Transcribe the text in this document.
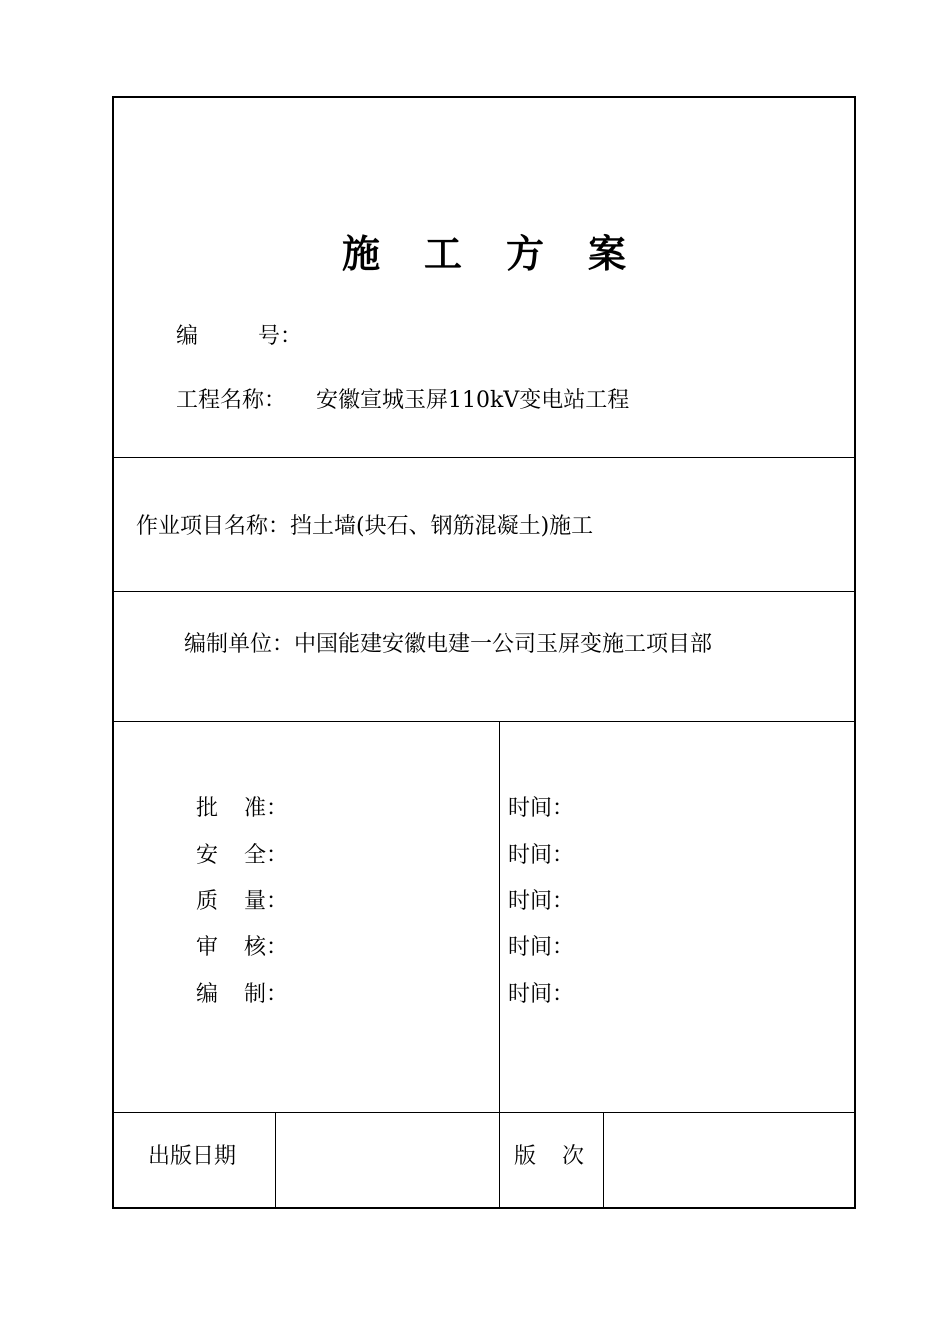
施工方案
编	号：
工程名称： 安徽宣城玉屏110kV变电站工程
作业项目名称：挡土墙(块石、钢筋混凝土)施工
编制单位：中国能建安徽电建一公司玉屏变施工项目部
批 准：	时间：
安 全：	时间：
质 量：	时间：
审 核：	时间：
编 制：	时间：
出版日期	版 次
